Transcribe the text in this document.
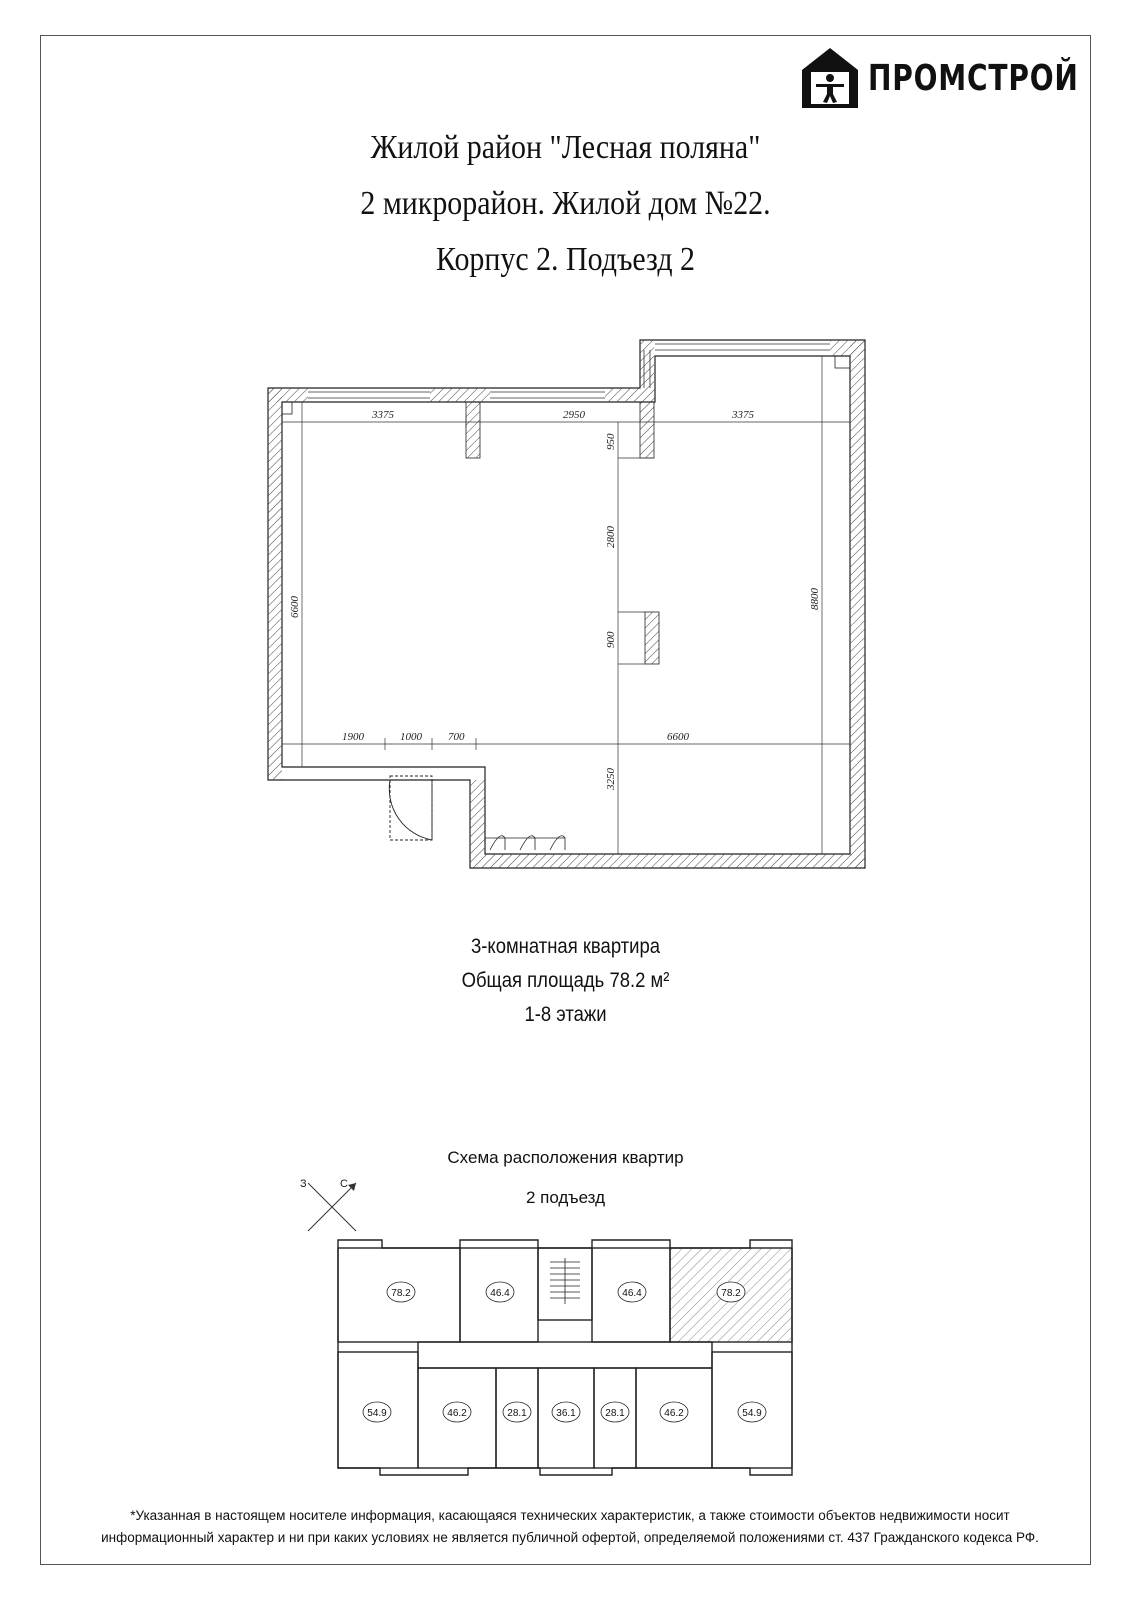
ПРОМСТРОЙ
Жилой район "Лесная поляна"
2 микрорайон. Жилой дом №22.
Корпус 2. Подъезд 2
3375	2950	3375
6600	8800
950
2800
900
3250
1900	1000 700	6600
3-комнатная квартира
Общая площадь 78.2 м²
1-8 этажи
Схема расположения квартир
2 подъезд
З	С
78.2	46.4	46.4	78.2
54.9	46.2	28.1	36.1	28.1	46.2	54.9
*Указанная в настоящем носителе информация, касающаяся технических характеристик, а также стоимости объектов недвижимости носит
информационный характер и ни при каких условиях не является публичной офертой, определяемой положениями ст. 437 Гражданского кодекса РФ.
